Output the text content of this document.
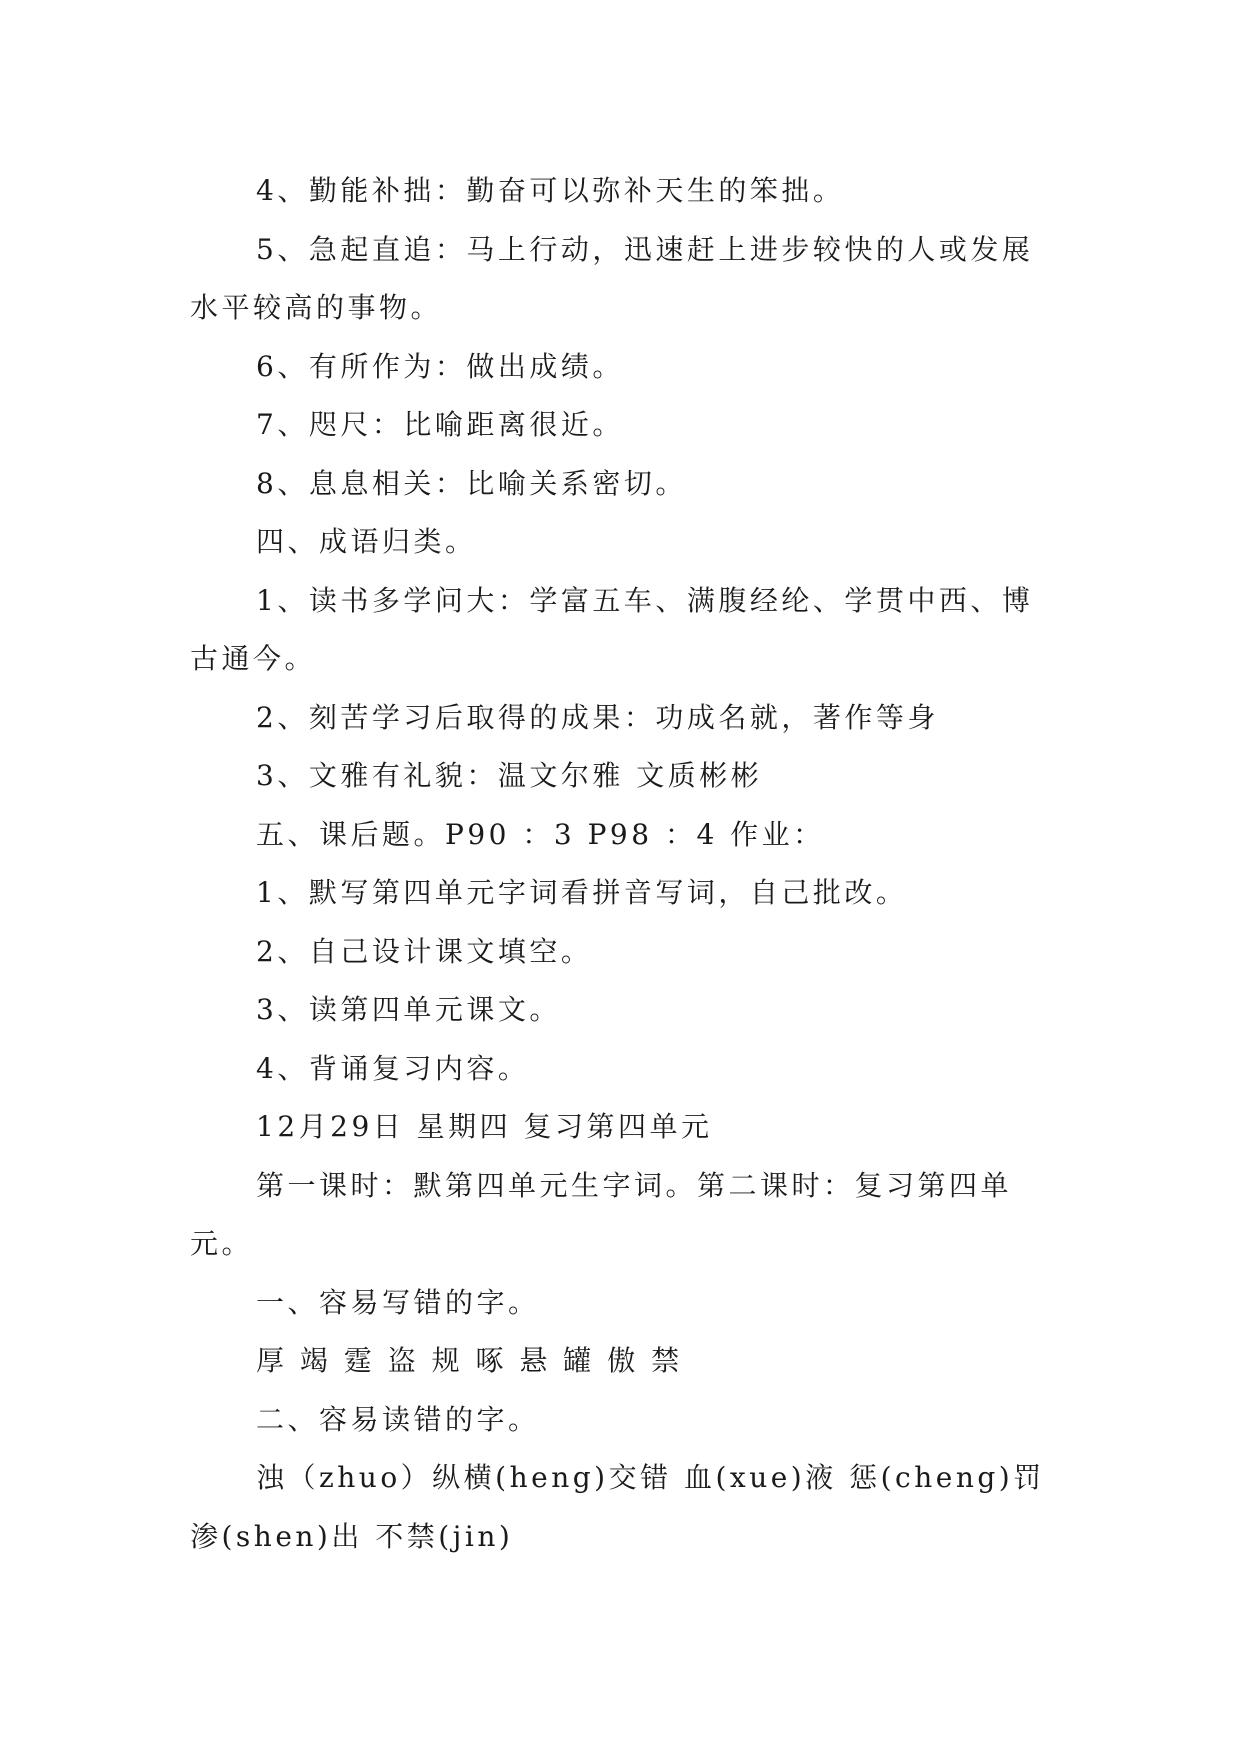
4、勤能补拙：勤奋可以弥补天生的笨拙。

5、急起直追：马上行动，迅速赶上进步较快的人或发展水平较高的事物。

6、有所作为：做出成绩。

7、咫尺：比喻距离很近。

8、息息相关：比喻关系密切。

四、成语归类。

1、读书多学问大：学富五车、满腹经纶、学贯中西、博古通今。

2、刻苦学习后取得的成果：功成名就，著作等身

3、文雅有礼貌：温文尔雅 文质彬彬

五、课后题。P90 ：3 P98 ：4 作业：

1、默写第四单元字词看拼音写词，自己批改。

2、自己设计课文填空。

3、读第四单元课文。

4、背诵复习内容。

12月29日 星期四 复习第四单元

第一课时：默第四单元生字词。第二课时：复习第四单元。

一、容易写错的字。

厚 竭 霆 盗 规 啄 悬 罐 傲 禁

二、容易读错的字。

浊（zhuo）纵横(heng)交错 血(xue)液 惩(cheng)罚渗(shen)出 不禁(jin)
